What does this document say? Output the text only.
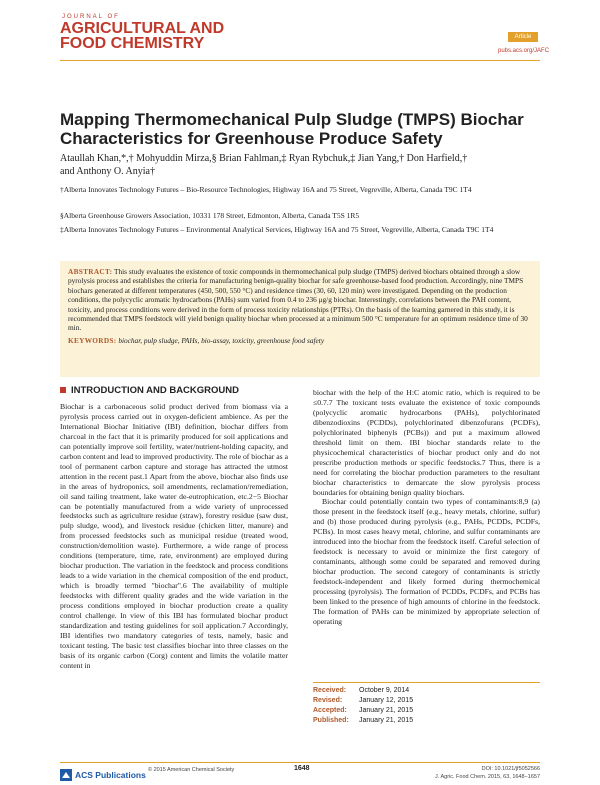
JOURNAL OF
AGRICULTURAL AND
FOOD CHEMISTRY	Article
pubs.acs.org/JAFC
Mapping Thermomechanical Pulp Sludge (TMPS) Biochar Characteristics for Greenhouse Produce Safety
Ataullah Khan,*,† Mohyuddin Mirza,§ Brian Fahlman,‡ Ryan Rybchuk,‡ Jian Yang,† Don Harfield,†
and Anthony O. Anyia†
†Alberta Innovates Technology Futures – Bio-Resource Technologies, Highway 16A and 75 Street, Vegreville, Alberta, Canada T9C 1T4
§Alberta Greenhouse Growers Association, 10331 178 Street, Edmonton, Alberta, Canada T5S 1R5
‡Alberta Innovates Technology Futures – Environmental Analytical Services, Highway 16A and 75 Street, Vegreville, Alberta, Canada T9C 1T4
ABSTRACT: This study evaluates the existence of toxic compounds in thermomechanical pulp sludge (TMPS) derived biochars obtained through a slow pyrolysis process and establishes the criteria for manufacturing benign-quality biochar for safe greenhouse-based food production. Accordingly, nine TMPS biochars generated at different temperatures (450, 500, 550 °C) and residence times (30, 60, 120 min) were investigated. Depending on the production conditions, the polycyclic aromatic hydrocarbons (PAHs) sum varied from 0.4 to 236 μg/g biochar. Interestingly, correlations between the PAH content, toxicity, and process conditions were derived in the form of process toxicity relationships (PTRs). On the basis of the learning garnered in this study, it is recommended that TMPS feedstock will yield benign quality biochar when processed at a minimum 500 °C temperature for an optimum residence time of 30 min.
KEYWORDS: biochar, pulp sludge, PAHs, bio-assay, toxicity, greenhouse food safety
INTRODUCTION AND BACKGROUND

Biochar is a carbonaceous solid product derived from biomass via a pyrolysis process carried out in oxygen-deficient ambience. As per the International Biochar Initiative (IBI) definition, biochar differs from charcoal in the fact that it is primarily produced for soil applications and can potentially improve soil fertility, water/nutrient-holding capacity, and carbon content and lead to improved productivity. The role of biochar as a tool of permanent carbon capture and storage has attracted the utmost attention in the recent past.1 Apart from the above, biochar also finds use in the areas of hydroponics, soil amendments, reclamation/remediation, oil sand tailing treatment, lake water de-eutrophication, etc.2−5 Biochar can be potentially manufactured from a wide variety of unprocessed feedstocks such as agriculture residue (straw), forestry residue (saw dust, pulp sludge, wood), and livestock residue (chicken litter, manure) and from processed feedstocks such as municipal residue (treated wood, construction/demolition waste). Furthermore, a wide range of process conditions (temperature, time, rate, environment) are employed during biochar production. The variation in the feedstock and process conditions leads to a wide variation in the chemical composition of the end product, which is broadly termed "biochar".6 The availability of multiple feedstocks with different quality grades and the wide variation in the process conditions employed in biochar production create a quality control challenge. In view of this IBI has formulated biochar product standardization and testing guidelines for soil application.7 Accordingly, IBI identifies two mandatory categories of tests, namely, basic and toxicant testing. The basic test classifies biochar into three classes on the basis of its organic carbon (Corg) content and limits the volatile matter content in

biochar with the help of the H:C atomic ratio, which is required to be ≤0.7.7 The toxicant tests evaluate the existence of toxic compounds (polycyclic aromatic hydrocarbons (PAHs), polychlorinated dibenzodioxins (PCDDs), polychlorinated dibenzofurans (PCDFs), polychlorinated biphenyls (PCBs)) and put a maximum allowed threshold limit on them. IBI biochar standards relate to the physicochemical characteristics of biochar product only and do not prescribe production methods or specific feedstocks.7 Thus, there is a need for correlating the biochar production parameters to the resultant biochar characteristics to demarcate the slow pyrolysis process boundaries for obtaining benign quality biochars.

Biochar could potentially contain two types of contaminants:8,9 (a) those present in the feedstock itself (e.g., heavy metals, chlorine, sulfur) and (b) those produced during pyrolysis (e.g., PAHs, PCDDs, PCDFs, PCBs). In most cases heavy metal, chlorine, and sulfur contaminants are introduced into the biochar from the feedstock itself. Careful selection of feedstock is necessary to avoid or minimize the first category of contaminants, although some could be separated and removed during biochar production. The second category of contaminants is strictly feedstock-independent and likely formed during thermochemical processing (pyrolysis). The formation of PCDDs, PCDFs, and PCBs has been linked to the presence of high amounts of chlorine in the feedstock. The formation of PAHs can be minimized by appropriate selection of operating

Received: October 9, 2014
Revised: January 12, 2015
Accepted: January 21, 2015
Published: January 21, 2015
ACS Publications © 2015 American Chemical Society	1648	DOI: 10.1021/jf5052566
J. Agric. Food Chem. 2015, 63, 1648−1657
